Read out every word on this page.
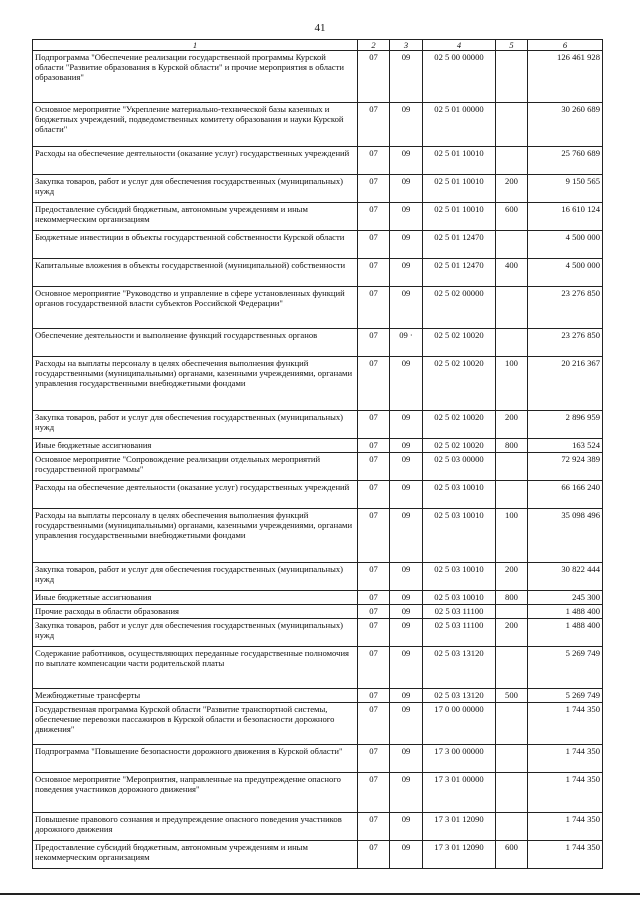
41
1	2	3	4	5	6
Подпрограмма "Обеспечение реализации государственной программы Курской области "Развитие образования в Курской области" и прочие мероприятия в области образования"	07	09	02 5 00 00000		126 461 928
Основное мероприятие "Укрепление материально-технической базы казенных и бюджетных учреждений, подведомственных комитету образования и науки Курской области"	07	09	02 5 01 00000		30 260 689
Расходы на обеспечение деятельности (оказание услуг) государственных учреждений	07	09	02 5 01 10010		25 760 689
Закупка товаров, работ и услуг для обеспечения государственных (муниципальных) нужд	07	09	02 5 01 10010	200	9 150 565
Предоставление субсидий бюджетным, автономным учреждениям и иным некоммерческим организациям	07	09	02 5 01 10010	600	16 610 124
Бюджетные инвестиции в объекты государственной собственности Курской области	07	09	02 5 01 12470		4 500 000
Капитальные вложения в объекты государственной (муниципальной) собственности	07	09	02 5 01 12470	400	4 500 000
Основное мероприятие "Руководство и управление в сфере установленных функций органов государственной власти субъектов Российской Федерации"	07	09	02 5 02 00000		23 276 850
Обеспечение деятельности и выполнение функций государственных органов	07	09 ·	02 5 02 10020		23 276 850
Расходы на выплаты персоналу в целях обеспечения выполнения функций государственными (муниципальными) органами, казенными учреждениями, органами управления государственными внебюджетными фондами	07	09	02 5 02 10020	100	20 216 367
Закупка товаров, работ и услуг для обеспечения государственных (муниципальных) нужд	07	09	02 5 02 10020	200	2 896 959
Иные бюджетные ассигнования	07	09	02 5 02 10020	800	163 524
Основное мероприятие "Сопровождение реализации отдельных мероприятий государственной программы"	07	09	02 5 03 00000		72 924 389
Расходы на обеспечение деятельности (оказание услуг) государственных учреждений	07	09	02 5 03 10010		66 166 240
Расходы на выплаты персоналу в целях обеспечения выполнения функций государственными (муниципальными) органами, казенными учреждениями, органами управления государственными внебюджетными фондами	07	09	02 5 03 10010	100	35 098 496
Закупка товаров, работ и услуг для обеспечения государственных (муниципальных) нужд	07	09	02 5 03 10010	200	30 822 444
Иные бюджетные ассигнования	07	09	02 5 03 10010	800	245 300
Прочие расходы в области образования	07	09	02 5 03 11100		1 488 400
Закупка товаров, работ и услуг для обеспечения государственных (муниципальных) нужд	07	09	02 5 03 11100	200	1 488 400
Содержание работников, осуществляющих переданные государственные полномочия по выплате компенсации части родительской платы	07	09	02 5 03 13120		5 269 749
Межбюджетные трансферты	07	09	02 5 03 13120	500	5 269 749
Государственная программа Курской области "Развитие транспортной системы, обеспечение перевозки пассажиров в Курской области и безопасности дорожного движения"	07	09	17 0 00 00000		1 744 350
Подпрограмма "Повышение безопасности дорожного движения в Курской области"	07	09	17 3 00 00000		1 744 350
Основное мероприятие "Мероприятия, направленные на предупреждение опасного поведения участников дорожного движения"	07	09	17 3 01 00000		1 744 350
Повышение правового сознания и предупреждение опасного поведения участников дорожного движения	07	09	17 3 01 12090		1 744 350
Предоставление субсидий бюджетным, автономным учреждениям и иным некоммерческим организациям	07	09	17 3 01 12090	600	1 744 350
